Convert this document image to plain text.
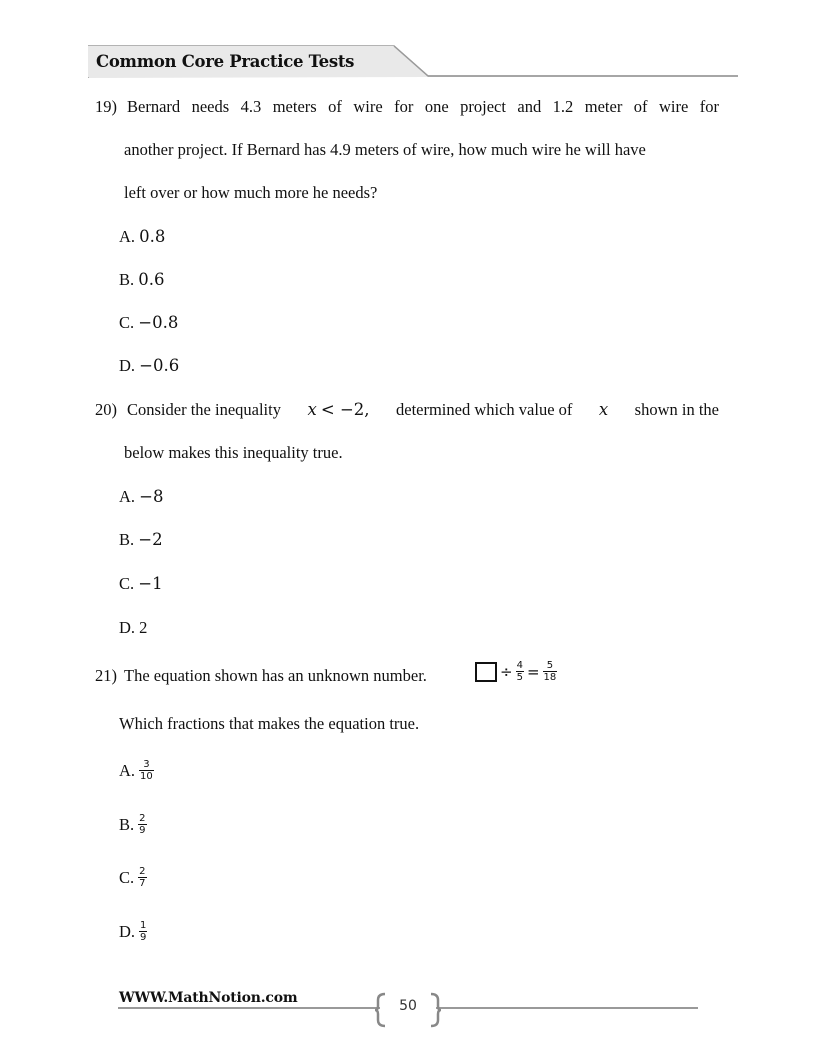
Common Core Practice Tests
19) Bernard needs 4.3 meters of wire for one project and 1.2 meter of wire for
another project. If Bernard has 4.9 meters of wire, how much wire he will have
left over or how much more he needs?
A. 0.8
B. 0.6
C. −0.8
D. −0.6
20) Consider the inequality x < −2, determined which value of x shown in the
below makes this inequality true.
A. −8
B. −2
C. −1
D. 2
21) The equation shown has an unknown number.	÷ $\frac{4}{5} = \frac{5}{18}$
Which fractions that makes the equation true.
A. $\frac{3}{10}$
B. $\frac{2}{9}$
C. $\frac{2}{7}$
D. $\frac{1}{9}$
WWW.MathNotion.com	50
